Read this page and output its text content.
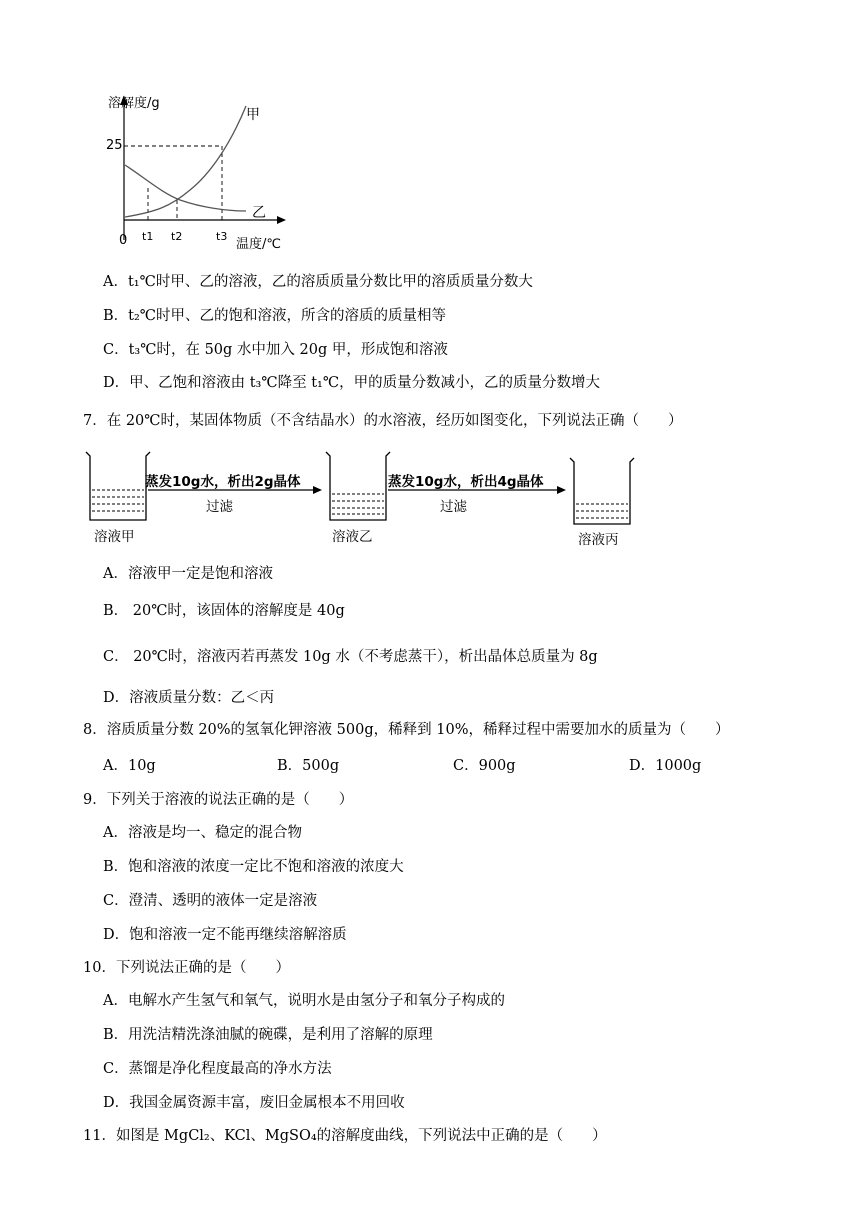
溶解度/g
温度/℃
0
25
t1 t2	t3
甲
乙
A．t₁℃时甲、乙的溶液，乙的溶质质量分数比甲的溶质质量分数大
B．t₂℃时甲、乙的饱和溶液，所含的溶质的质量相等
C．t₃℃时，在 50g 水中加入 20g 甲，形成饱和溶液
D．甲、乙饱和溶液由 t₃℃降至 t₁℃，甲的质量分数减小，乙的质量分数增大
7．在 20℃时，某固体物质（不含结晶水）的水溶液，经历如图变化，下列说法正确（　　）
蒸发10g水，析出2g晶体
过滤
蒸发10g水，析出4g晶体
过滤
溶液甲	溶液乙	溶液丙
A．溶液甲一定是饱和溶液
B． 20℃时，该固体的溶解度是 40g
C． 20℃时，溶液丙若再蒸发 10g 水（不考虑蒸干），析出晶体总质量为 8g
D．溶液质量分数：乙＜丙
8．溶质质量分数 20%的氢氧化钾溶液 500g，稀释到 10%，稀释过程中需要加水的质量为（　　）
A．10g	B．500g	C．900g	D．1000g
9．下列关于溶液的说法正确的是（　　）
A．溶液是均一、稳定的混合物
B．饱和溶液的浓度一定比不饱和溶液的浓度大
C．澄清、透明的液体一定是溶液
D．饱和溶液一定不能再继续溶解溶质
10．下列说法正确的是（　　）
A．电解水产生氢气和氧气，说明水是由氢分子和氧分子构成的
B．用洗洁精洗涤油腻的碗碟，是利用了溶解的原理
C．蒸馏是净化程度最高的净水方法
D．我国金属资源丰富，废旧金属根本不用回收
11．如图是 MgCl₂、KCl、MgSO₄的溶解度曲线，下列说法中正确的是（　　）
